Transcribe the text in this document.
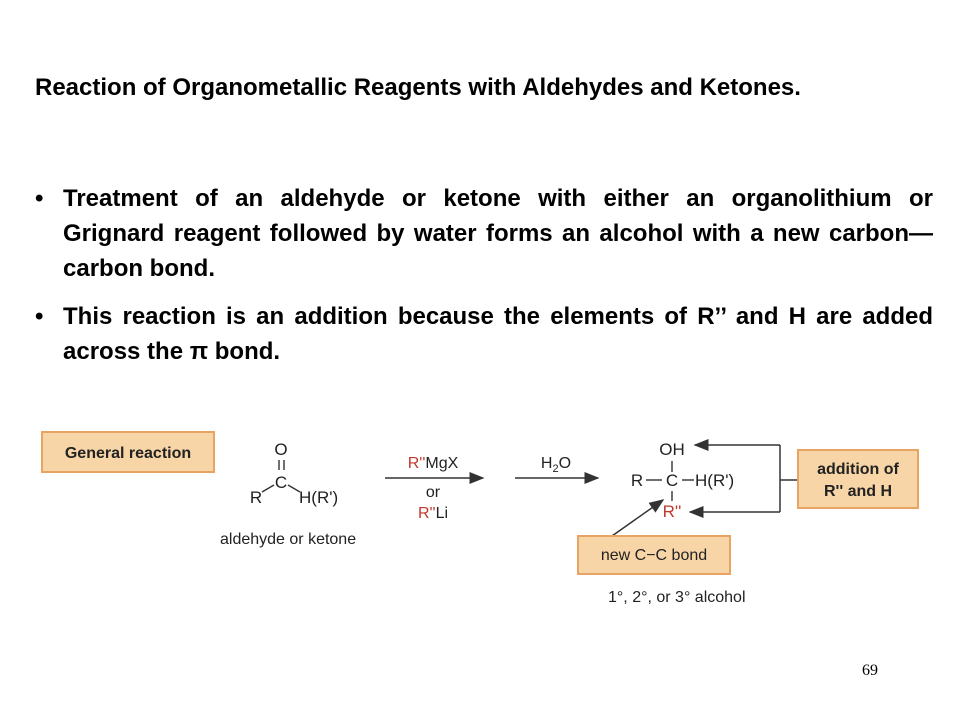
Reaction of Organometallic Reagents with Aldehydes and Ketones.
• Treatment of an aldehyde or ketone with either an organolithium or Grignard reagent followed by water forms an alcohol with a new carbon—carbon bond.
• This reaction is an addition because the elements of R’’ and H are added across the π bond.
General reaction	O
C
R H(R')
aldehyde or ketone
R''MgX
or
R''Li
$H_2O$
OH
R C H(R')
R''
addition of
R'' and H
new C−C bond
1°, 2°, or 3° alcohol
69
